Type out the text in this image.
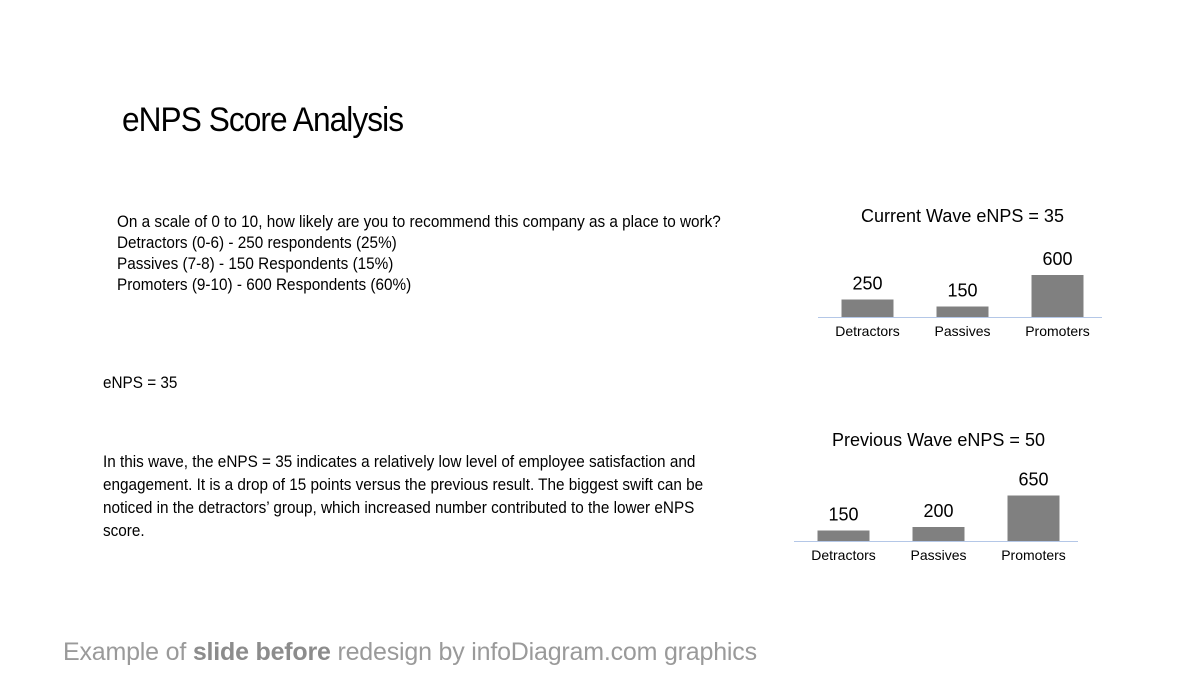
eNPS Score Analysis
On a scale of 0 to 10, how likely are you to recommend this company as a place to work?
Detractors (0-6) - 250 respondents (25%)
Passives (7-8) - 150 Respondents (15%)
Promoters (9-10) - 600 Respondents (60%)
eNPS = 35
In this wave, the eNPS = 35 indicates a relatively low level of employee satisfaction and engagement. It is a drop of 15 points versus the previous result. The biggest swift can be noticed in the detractors’ group, which increased number contributed to the lower eNPS score.
Current Wave eNPS = 35
250
Detractors
150
Passives
600
Promoters
Previous Wave eNPS = 50
150
Detractors
200
Passives
650
Promoters
Example of slide before redesign by infoDiagram.com graphics
